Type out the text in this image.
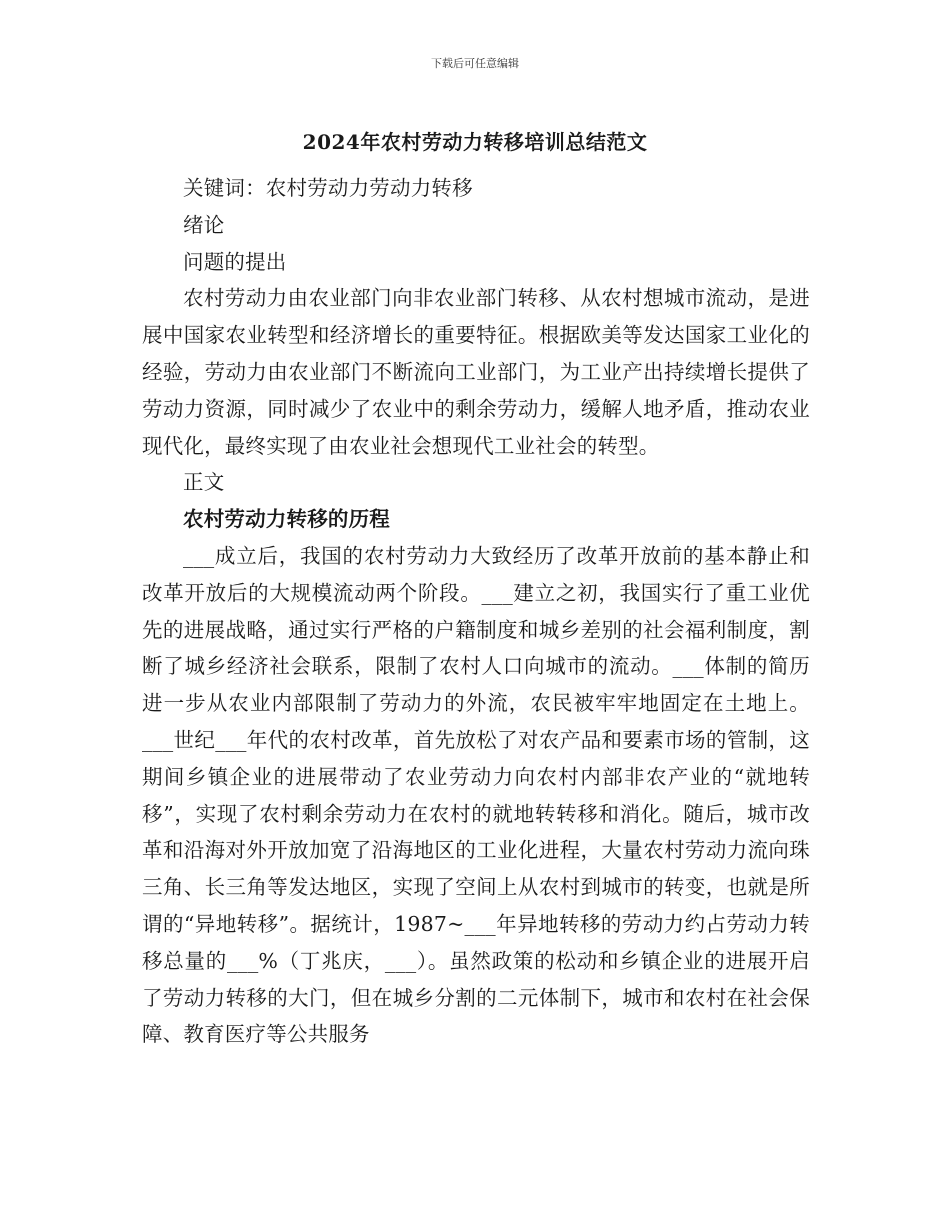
下载后可任意编辑
2024年农村劳动力转移培训总结范文

关键词：农村劳动力劳动力转移

绪论

问题的提出

农村劳动力由农业部门向非农业部门转移、从农村想城市流动，是进展中国家农业转型和经济增长的重要特征。根据欧美等发达国家工业化的经验，劳动力由农业部门不断流向工业部门，为工业产出持续增长提供了劳动力资源，同时减少了农业中的剩余劳动力，缓解人地矛盾，推动农业现代化，最终实现了由农业社会想现代工业社会的转型。

正文

农村劳动力转移的历程

___成立后，我国的农村劳动力大致经历了改革开放前的基本静止和改革开放后的大规模流动两个阶段。___建立之初，我国实行了重工业优先的进展战略，通过实行严格的户籍制度和城乡差别的社会福利制度，割断了城乡经济社会联系，限制了农村人口向城市的流动。___体制的简历进一步从农业内部限制了劳动力的外流，农民被牢牢地固定在土地上。___世纪___年代的农村改革，首先放松了对农产品和要素市场的管制，这期间乡镇企业的进展带动了农业劳动力向农村内部非农产业的“就地转移”，实现了农村剩余劳动力在农村的就地转转移和消化。随后，城市改革和沿海对外开放加宽了沿海地区的工业化进程，大量农村劳动力流向珠三角、长三角等发达地区，实现了空间上从农村到城市的转变，也就是所谓的“异地转移”。据统计，1987~___年异地转移的劳动力约占劳动力转移总量的___%（丁兆庆，___）。虽然政策的松动和乡镇企业的进展开启了劳动力转移的大门，但在城乡分割的二元体制下，城市和农村在社会保障、教育医疗等公共服务
